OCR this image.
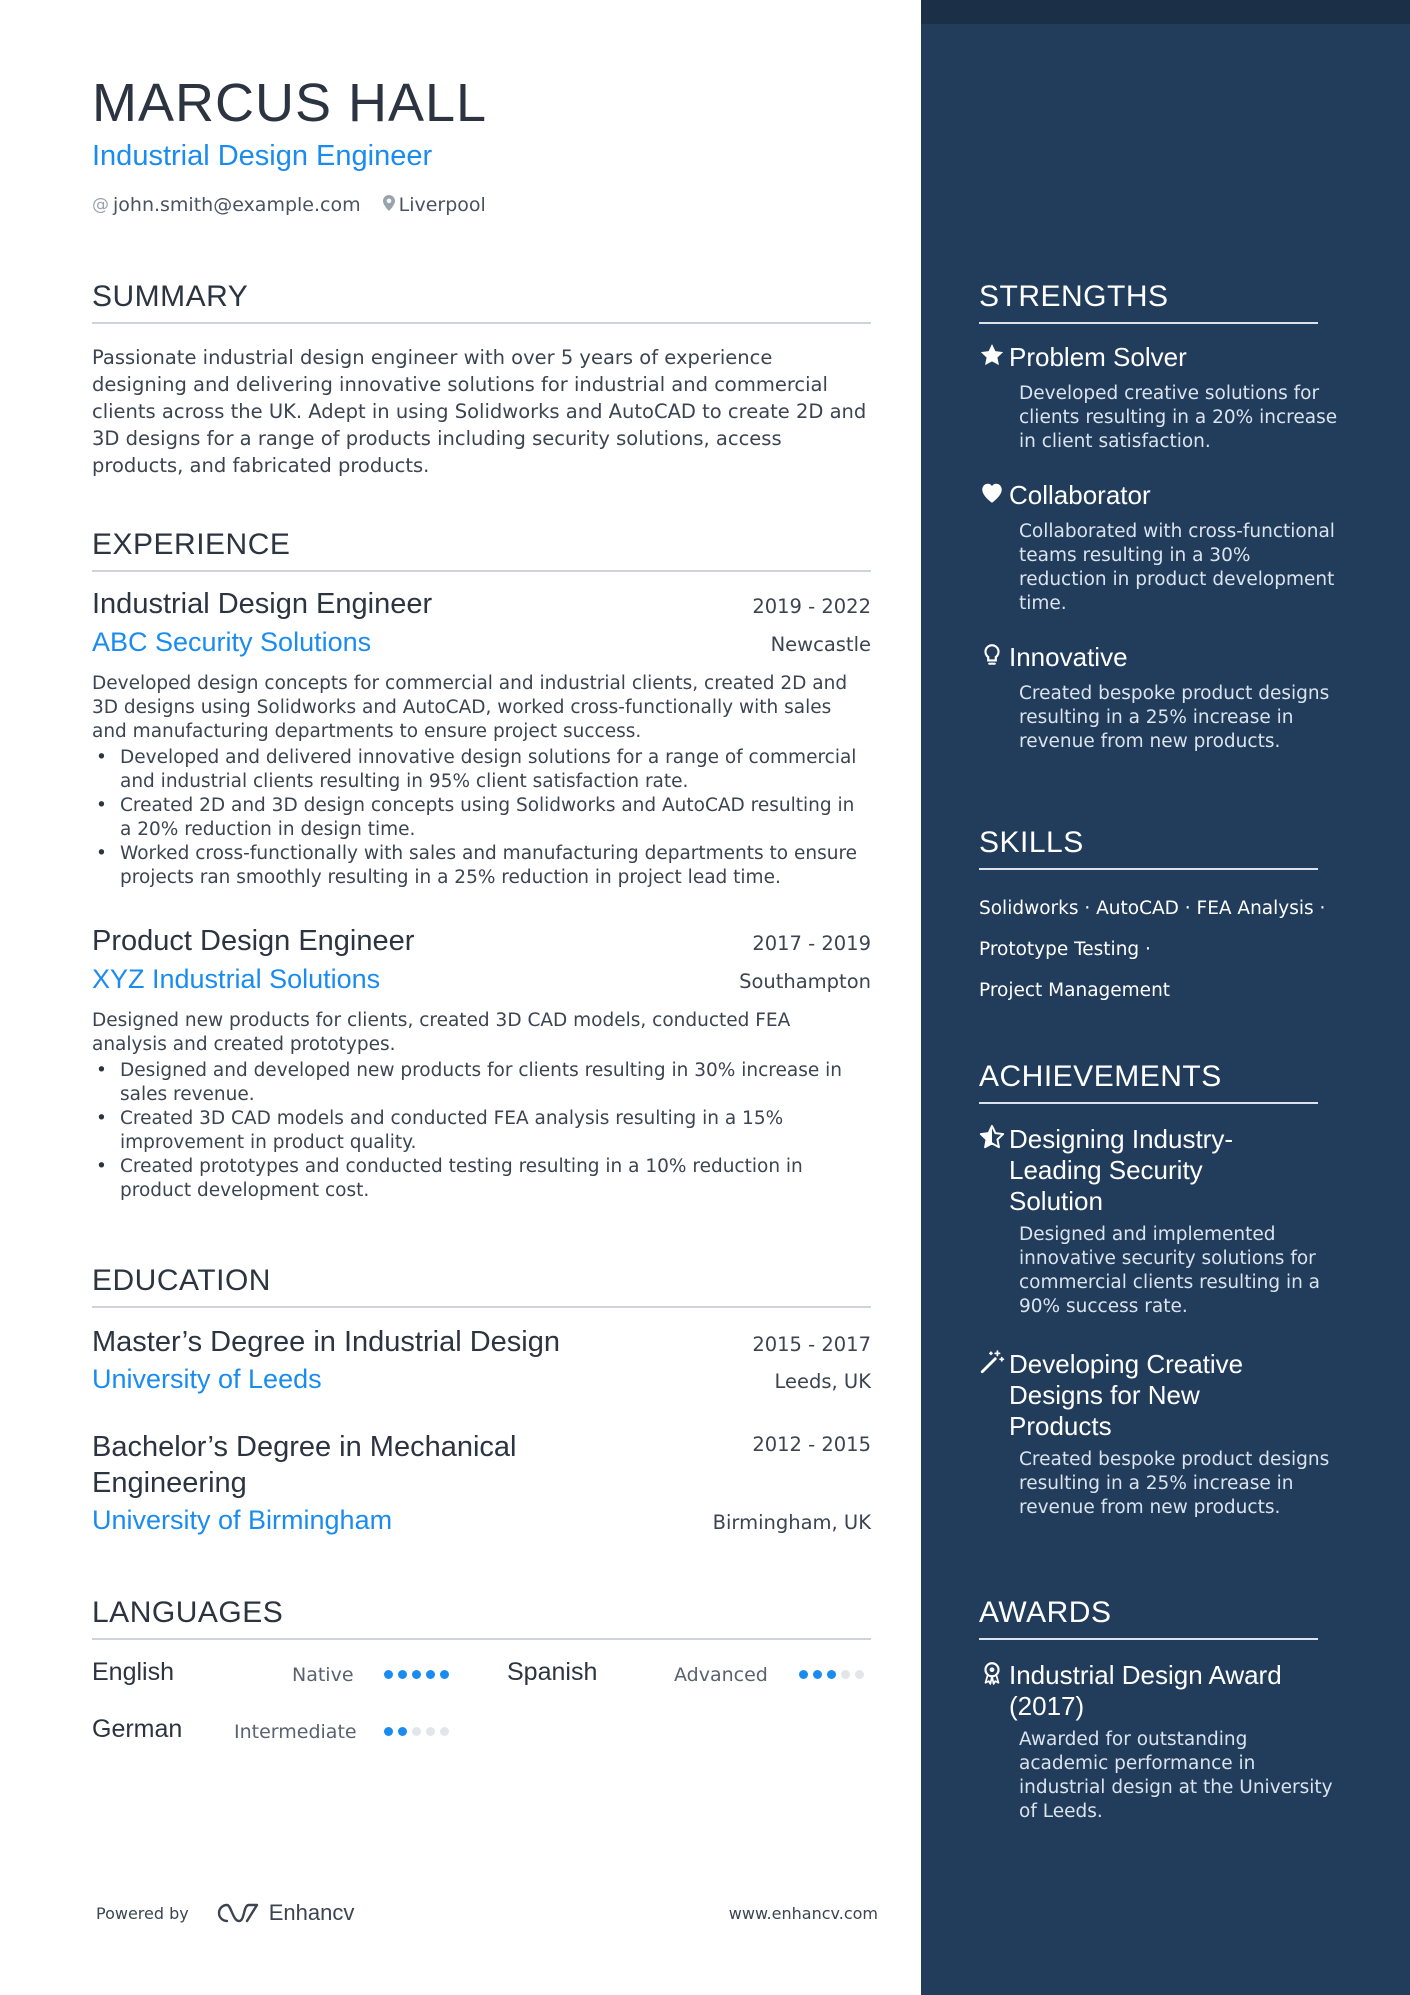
MARCUS HALL
Industrial Design Engineer
@ john.smith@example.com Liverpool
SUMMARY
Passionate industrial design engineer with over 5 years of experience designing and delivering innovative solutions for industrial and commercial clients across the UK. Adept in using Solidworks and AutoCAD to create 2D and 3D designs for a range of products including security solutions, access products, and fabricated products.
EXPERIENCE
Industrial Design Engineer	2019 - 2022
ABC Security Solutions	Newcastle
Developed design concepts for commercial and industrial clients, created 2D and 3D designs using Solidworks and AutoCAD, worked cross-functionally with sales and manufacturing departments to ensure project success.
• Developed and delivered innovative design solutions for a range of commercial and industrial clients resulting in 95% client satisfaction rate.
• Created 2D and 3D design concepts using Solidworks and AutoCAD resulting in a 20% reduction in design time.
• Worked cross-functionally with sales and manufacturing departments to ensure projects ran smoothly resulting in a 25% reduction in project lead time.
Product Design Engineer	2017 - 2019
XYZ Industrial Solutions	Southampton
Designed new products for clients, created 3D CAD models, conducted FEA analysis and created prototypes.
• Designed and developed new products for clients resulting in 30% increase in sales revenue.
• Created 3D CAD models and conducted FEA analysis resulting in a 15% improvement in product quality.
• Created prototypes and conducted testing resulting in a 10% reduction in product development cost.
EDUCATION
Master’s Degree in Industrial Design	2015 - 2017
University of Leeds	Leeds, UK
Bachelor’s Degree in Mechanical Engineering
2012 - 2015
University of Birmingham	Birmingham, UK
LANGUAGES
English	Native	Spanish	Advanced
German	Intermediate
Powered by	Enhancv	www.enhancv.com
STRENGTHS
Problem Solver
Developed creative solutions for clients resulting in a 20% increase in client satisfaction.
Collaborator
Collaborated with cross-functional teams resulting in a 30% reduction in product development time.
Innovative
Created bespoke product designs resulting in a 25% increase in revenue from new products.
SKILLS
Solidworks · AutoCAD · FEA Analysis ·
Prototype Testing ·
Project Management
ACHIEVEMENTS
Designing Industry-Leading Security Solution
Designed and implemented innovative security solutions for commercial clients resulting in a 90% success rate.
Developing Creative Designs for New Products
Created bespoke product designs resulting in a 25% increase in revenue from new products.
AWARDS
Industrial Design Award (2017)
Awarded for outstanding academic performance in industrial design at the University of Leeds.
